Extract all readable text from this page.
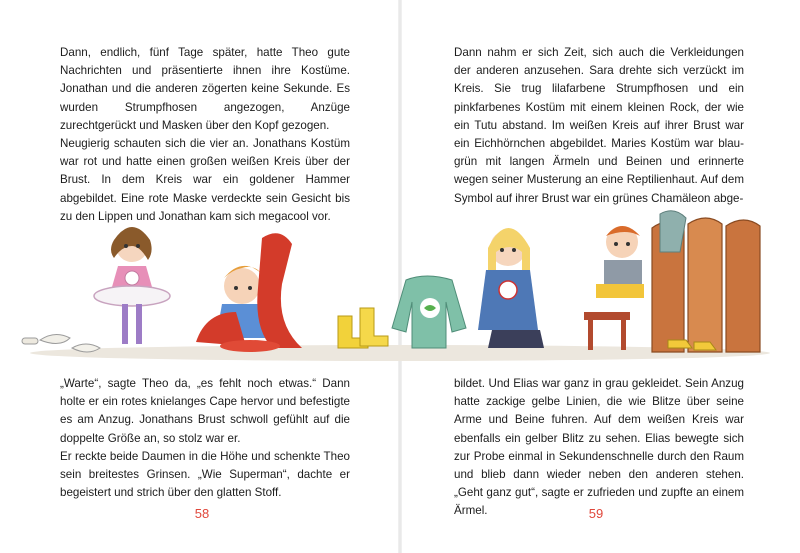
Dann, endlich, fünf Tage später, hatte Theo gute Nachrichten und präsentierte ihnen ihre Kostüme. Jonathan und die anderen zögerten keine Sekunde. Es wurden Strumpfhosen angezogen, Anzüge zurechtgerückt und Masken über den Kopf gezogen.

Neugierig schauten sich die vier an. Jonathans Kostüm war rot und hatte einen großen weißen Kreis über der Brust. In dem Kreis war ein goldener Hammer abgebildet. Eine rote Maske verdeckte sein Gesicht bis zu den Lippen und Jonathan kam sich megacool vor.

„Warte“, sagte Theo da, „es fehlt noch etwas.“ Dann holte er ein rotes knielanges Cape hervor und befestigte es am Anzug. Jonathans Brust schwoll gefühlt auf die doppelte Größe an, so stolz war er.

Er reckte beide Daumen in die Höhe und schenkte Theo sein breitestes Grinsen. „Wie Superman“, dachte er begeistert und strich über den glatten Stoff.

58

Dann nahm er sich Zeit, sich auch die Verkleidungen der anderen anzusehen. Sara drehte sich verzückt im Kreis. Sie trug lilafarbene Strumpfhosen und ein pinkfarbenes Kostüm mit einem kleinen Rock, der wie ein Tutu abstand. Im weißen Kreis auf ihrer Brust war ein Eichhörnchen abgebildet. Maries Kostüm war blau-grün mit langen Ärmeln und Beinen und erinnerte wegen seiner Musterung an eine Reptilienhaut. Auf dem Symbol auf ihrer Brust war ein grünes Chamäleon abge-

bildet. Und Elias war ganz in grau gekleidet. Sein Anzug hatte zackige gelbe Linien, die wie Blitze über seine Arme und Beine fuhren. Auf dem weißen Kreis war ebenfalls ein gelber Blitz zu sehen. Elias bewegte sich zur Probe einmal in Sekundenschnelle durch den Raum und blieb dann wieder neben den anderen stehen. „Geht ganz gut“, sagte er zufrieden und zupfte an einem Ärmel.	59
